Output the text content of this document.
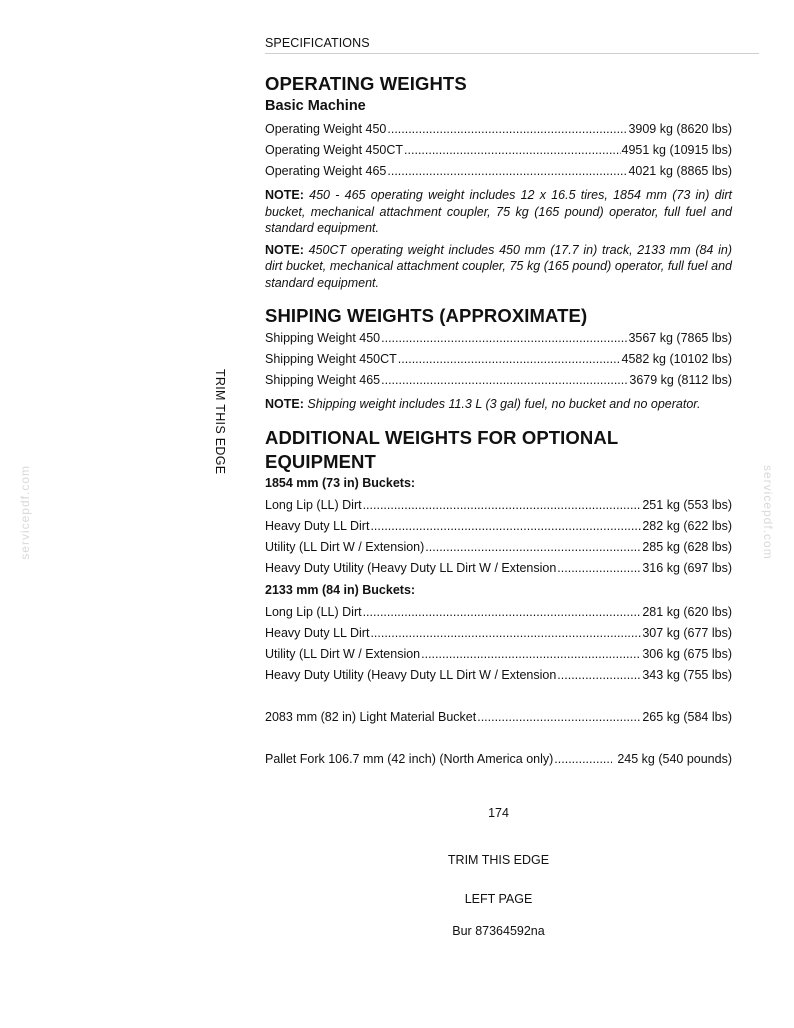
SPECIFICATIONS
servicepdf.com	servicepdf.com
TRIM THIS EDGE
OPERATING WEIGHTS
Basic Machine
Operating Weight 450 .....	3909 kg (8620 lbs)
Operating Weight 450CT .....	4951 kg (10915 lbs)
Operating Weight 465 .....	4021 kg (8865 lbs)

NOTE: 450 - 465 operating weight includes 12 x 16.5 tires, 1854 mm (73 in) dirt bucket, mechanical attachment coupler, 75 kg (165 pound) operator, full fuel and standard equipment.

NOTE: 450CT operating weight includes 450 mm (17.7 in) track, 2133 mm (84 in) dirt bucket, mechanical attachment coupler, 75 kg (165 pound) operator, full fuel and standard equipment.

SHIPING WEIGHTS (APPROXIMATE)
Shipping Weight 450 .....	3567 kg (7865 lbs)
Shipping Weight 450CT .....	4582 kg (10102 lbs)
Shipping Weight 465 .....	3679 kg (8112 lbs)

NOTE: Shipping weight includes 11.3 L (3 gal) fuel, no bucket and no operator.

ADDITIONAL WEIGHTS FOR OPTIONAL EQUIPMENT
1854 mm (73 in) Buckets:
Long Lip (LL) Dirt .....	251 kg (553 lbs)
Heavy Duty LL Dirt .....	282 kg (622 lbs)
Utility (LL Dirt W / Extension) .....	285 kg (628 lbs)
Heavy Duty Utility (Heavy Duty LL Dirt W / Extension .....	316 kg (697 lbs)
2133 mm (84 in) Buckets:
Long Lip (LL) Dirt .....	281 kg (620 lbs)
Heavy Duty LL Dirt .....	307 kg (677 lbs)
Utility (LL Dirt W / Extension .....	306 kg (675 lbs)
Heavy Duty Utility (Heavy Duty LL Dirt W / Extension .....	343 kg (755 lbs)
2083 mm (82 in) Light Material Bucket .....	265 kg (584 lbs)
Pallet Fork 106.7 mm (42 inch) (North America only) .....	245 kg (540 pounds)
174
TRIM THIS EDGE
LEFT PAGE
Bur 87364592na
